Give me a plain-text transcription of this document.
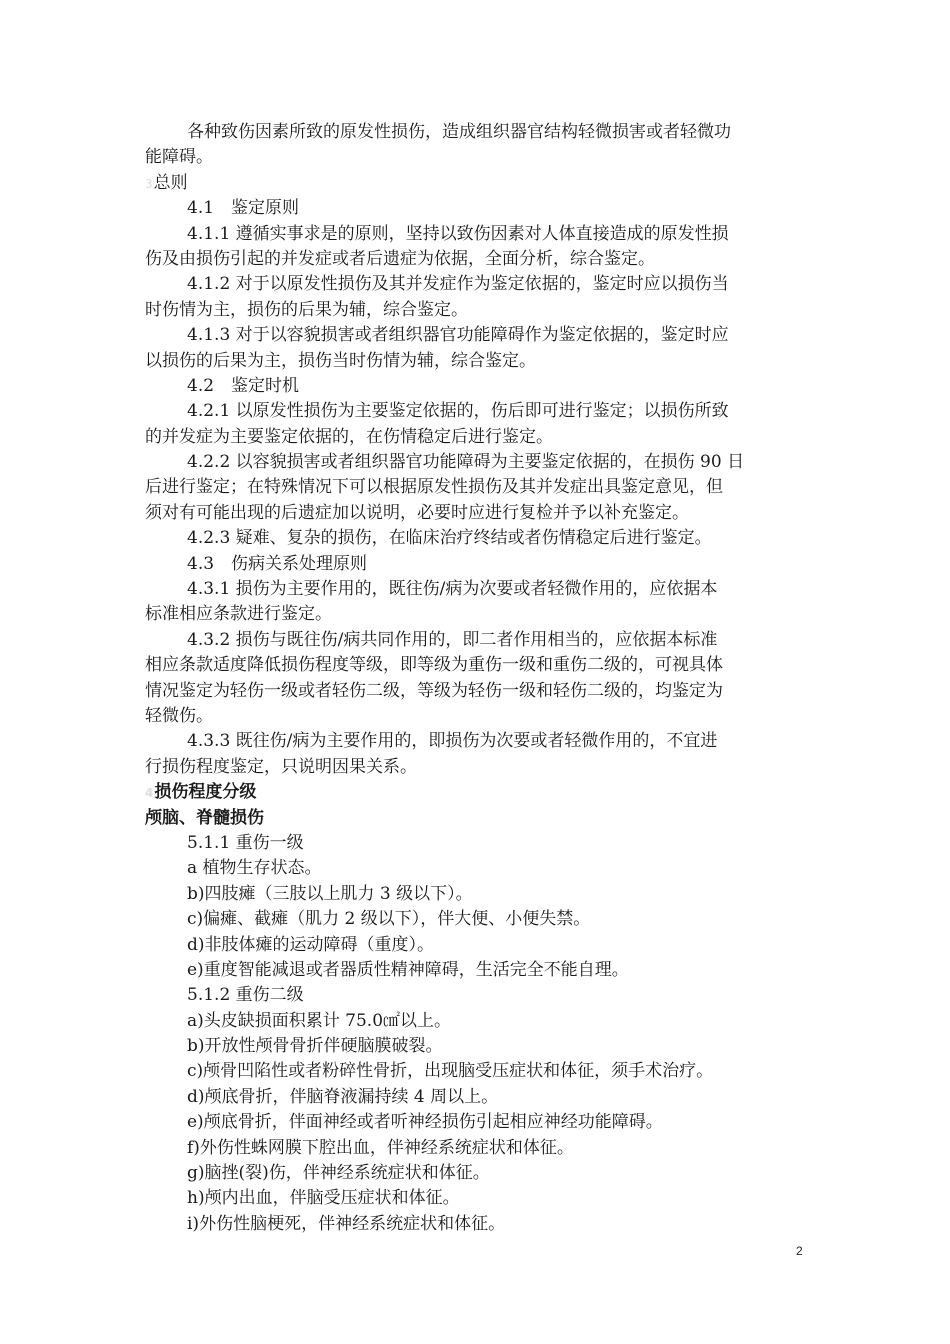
各种致伤因素所致的原发性损伤，造成组织器官结构轻微损害或者轻微功
能障碍。
3总则
4.1　鉴定原则
4.1.1 遵循实事求是的原则，坚持以致伤因素对人体直接造成的原发性损
伤及由损伤引起的并发症或者后遗症为依据，全面分析，综合鉴定。
4.1.2 对于以原发性损伤及其并发症作为鉴定依据的，鉴定时应以损伤当
时伤情为主，损伤的后果为辅，综合鉴定。
4.1.3 对于以容貌损害或者组织器官功能障碍作为鉴定依据的，鉴定时应
以损伤的后果为主，损伤当时伤情为辅，综合鉴定。
4.2　鉴定时机
4.2.1 以原发性损伤为主要鉴定依据的，伤后即可进行鉴定；以损伤所致
的并发症为主要鉴定依据的，在伤情稳定后进行鉴定。
4.2.2 以容貌损害或者组织器官功能障碍为主要鉴定依据的，在损伤 90 日
后进行鉴定；在特殊情况下可以根据原发性损伤及其并发症出具鉴定意见，但
须对有可能出现的后遗症加以说明，必要时应进行复检并予以补充鉴定。
4.2.3 疑难、复杂的损伤，在临床治疗终结或者伤情稳定后进行鉴定。
4.3　伤病关系处理原则
4.3.1 损伤为主要作用的，既往伤/病为次要或者轻微作用的，应依据本
标准相应条款进行鉴定。
4.3.2 损伤与既往伤/病共同作用的，即二者作用相当的，应依据本标准
相应条款适度降低损伤程度等级，即等级为重伤一级和重伤二级的，可视具体
情况鉴定为轻伤一级或者轻伤二级，等级为轻伤一级和轻伤二级的，均鉴定为
轻微伤。
4.3.3 既往伤/病为主要作用的，即损伤为次要或者轻微作用的，不宜进
行损伤程度鉴定，只说明因果关系。
4损伤程度分级
颅脑、脊髓损伤
5.1.1 重伤一级
a 植物生存状态。
b)四肢瘫（三肢以上肌力 3 级以下）。
c)偏瘫、截瘫（肌力 2 级以下），伴大便、小便失禁。
d)非肢体瘫的运动障碍（重度）。
e)重度智能减退或者器质性精神障碍，生活完全不能自理。
5.1.2 重伤二级
a)头皮缺损面积累计 75.0㎠以上。
b)开放性颅骨骨折伴硬脑膜破裂。
c)颅骨凹陷性或者粉碎性骨折，出现脑受压症状和体征，须手术治疗。
d)颅底骨折，伴脑脊液漏持续 4 周以上。
e)颅底骨折，伴面神经或者听神经损伤引起相应神经功能障碍。
f)外伤性蛛网膜下腔出血，伴神经系统症状和体征。
g)脑挫(裂)伤，伴神经系统症状和体征。
h)颅内出血，伴脑受压症状和体征。
i)外伤性脑梗死，伴神经系统症状和体征。
2
